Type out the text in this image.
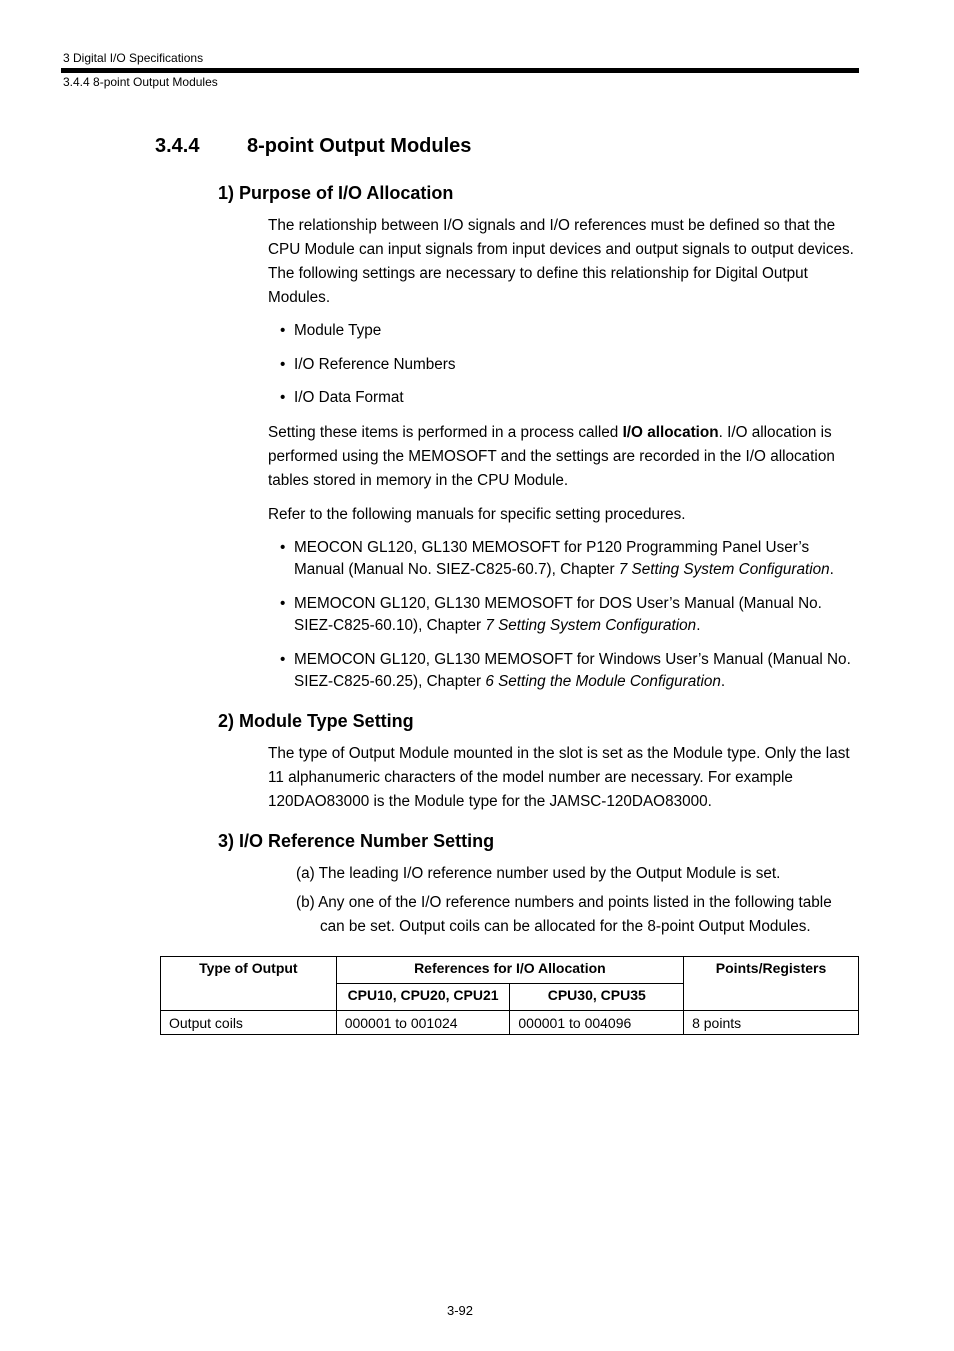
3 Digital I/O Specifications
3.4.4 8-point Output Modules
3.4.4 8-point Output Modules
1) Purpose of I/O Allocation
The relationship between I/O signals and I/O references must be defined so that the CPU Module can input signals from input devices and output signals to output devices. The following settings are necessary to define this relationship for Digital Output Modules.
• Module Type
• I/O Reference Numbers
• I/O Data Format
Setting these items is performed in a process called I/O allocation. I/O allocation is performed using the MEMOSOFT and the settings are recorded in the I/O allocation tables stored in memory in the CPU Module.
Refer to the following manuals for specific setting procedures.
• MEOCON GL120, GL130 MEMOSOFT for P120 Programming Panel User’s Manual (Manual No. SIEZ-C825-60.7), Chapter 7 Setting System Configuration.
• MEMOCON GL120, GL130 MEMOSOFT for DOS User’s Manual (Manual No. SIEZ-C825-60.10), Chapter 7 Setting System Configuration.
• MEMOCON GL120, GL130 MEMOSOFT for Windows User’s Manual (Manual No. SIEZ-C825-60.25), Chapter 6 Setting the Module Configuration.
2) Module Type Setting
The type of Output Module mounted in the slot is set as the Module type. Only the last 11 alphanumeric characters of the model number are necessary. For example 120DAO83000 is the Module type for the JAMSC-120DAO83000.
3) I/O Reference Number Setting
(a) The leading I/O reference number used by the Output Module is set.
(b) Any one of the I/O reference numbers and points listed in the following table can be set. Output coils can be allocated for the 8-point Output Modules.
Type of Output	References for I/O Allocation		Points/Registers
	CPU10, CPU20, CPU21	CPU30, CPU35	
Output coils	000001 to 001024	000001 to 004096	8 points
3-92
